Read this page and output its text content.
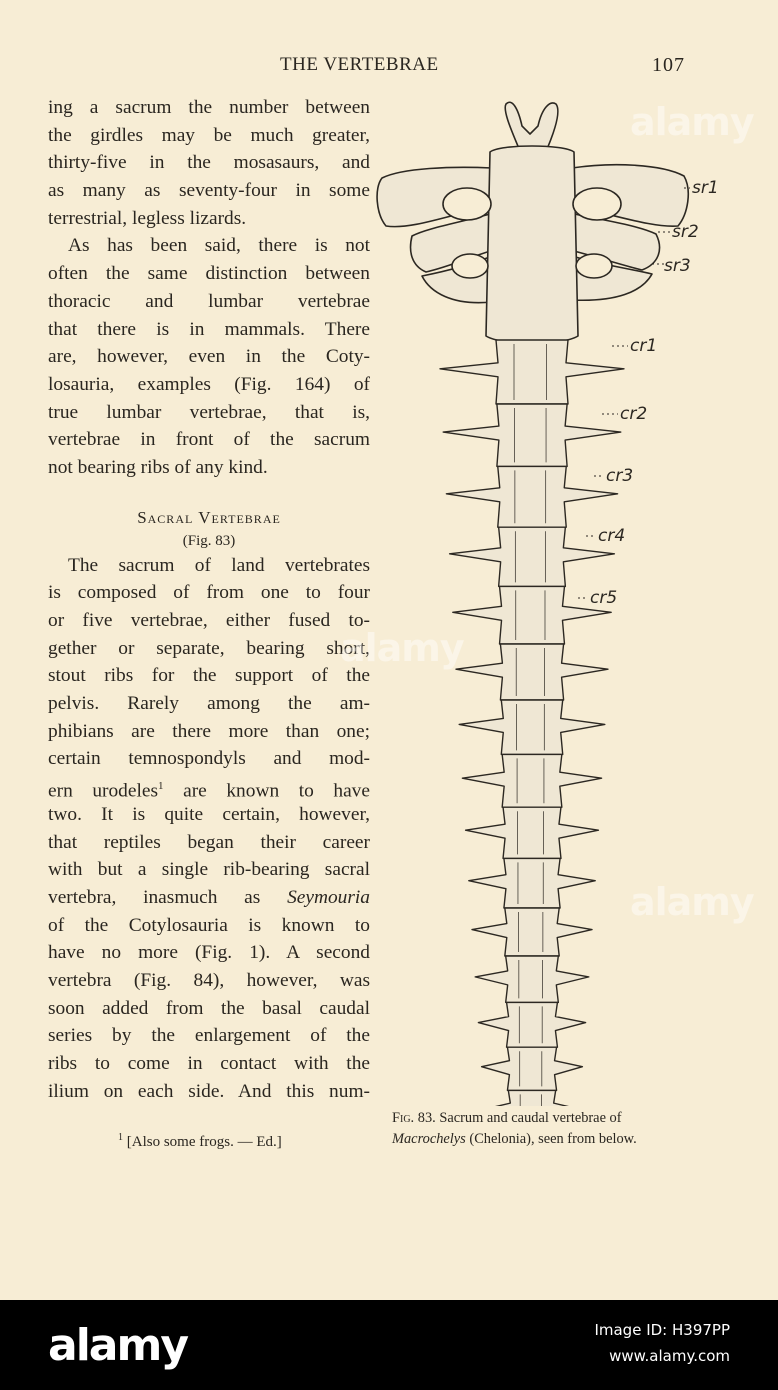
THE VERTEBRAE	107
ing a sacrum the number between
the girdles may be much greater,
thirty-five in the mosasaurs, and
as many as seventy-four in some
terrestrial, legless lizards.
As has been said, there is not
often the same distinction between
thoracic and lumbar vertebrae
that there is in mammals. There
are, however, even in the Coty-
losauria, examples (Fig. 164) of
true lumbar vertebrae, that is,
vertebrae in front of the sacrum
not bearing ribs of any kind.
Sacral Vertebrae
(Fig. 83)
The sacrum of land vertebrates
is composed of from one to four
or five vertebrae, either fused to-
gether or separate, bearing short,
stout ribs for the support of the
pelvis. Rarely among the am-
phibians are there more than one;
certain temnospondyls and mod-
ern urodeles$^1$ are known to have
two. It is quite certain, however,
that reptiles began their career
with but a single rib-bearing sacral
vertebra, inasmuch as Seymouria
of the Cotylosauria is known to
have no more (Fig. 1). A second
vertebra (Fig. 84), however, was
soon added from the basal caudal
series by the enlargement of the
ribs to come in contact with the
ilium on each side. And this num-
$^1$ [Also some frogs. — Ed.]
sr1
sr2
sr3
cr1
cr2
cr3
cr4
cr5
Fig. 83. Sacrum and caudal vertebrae of
Macrochelys (Chelonia), seen from below.
alamy
alamy
alamy
alamy	Image ID: H397PP
www.alamy.com
